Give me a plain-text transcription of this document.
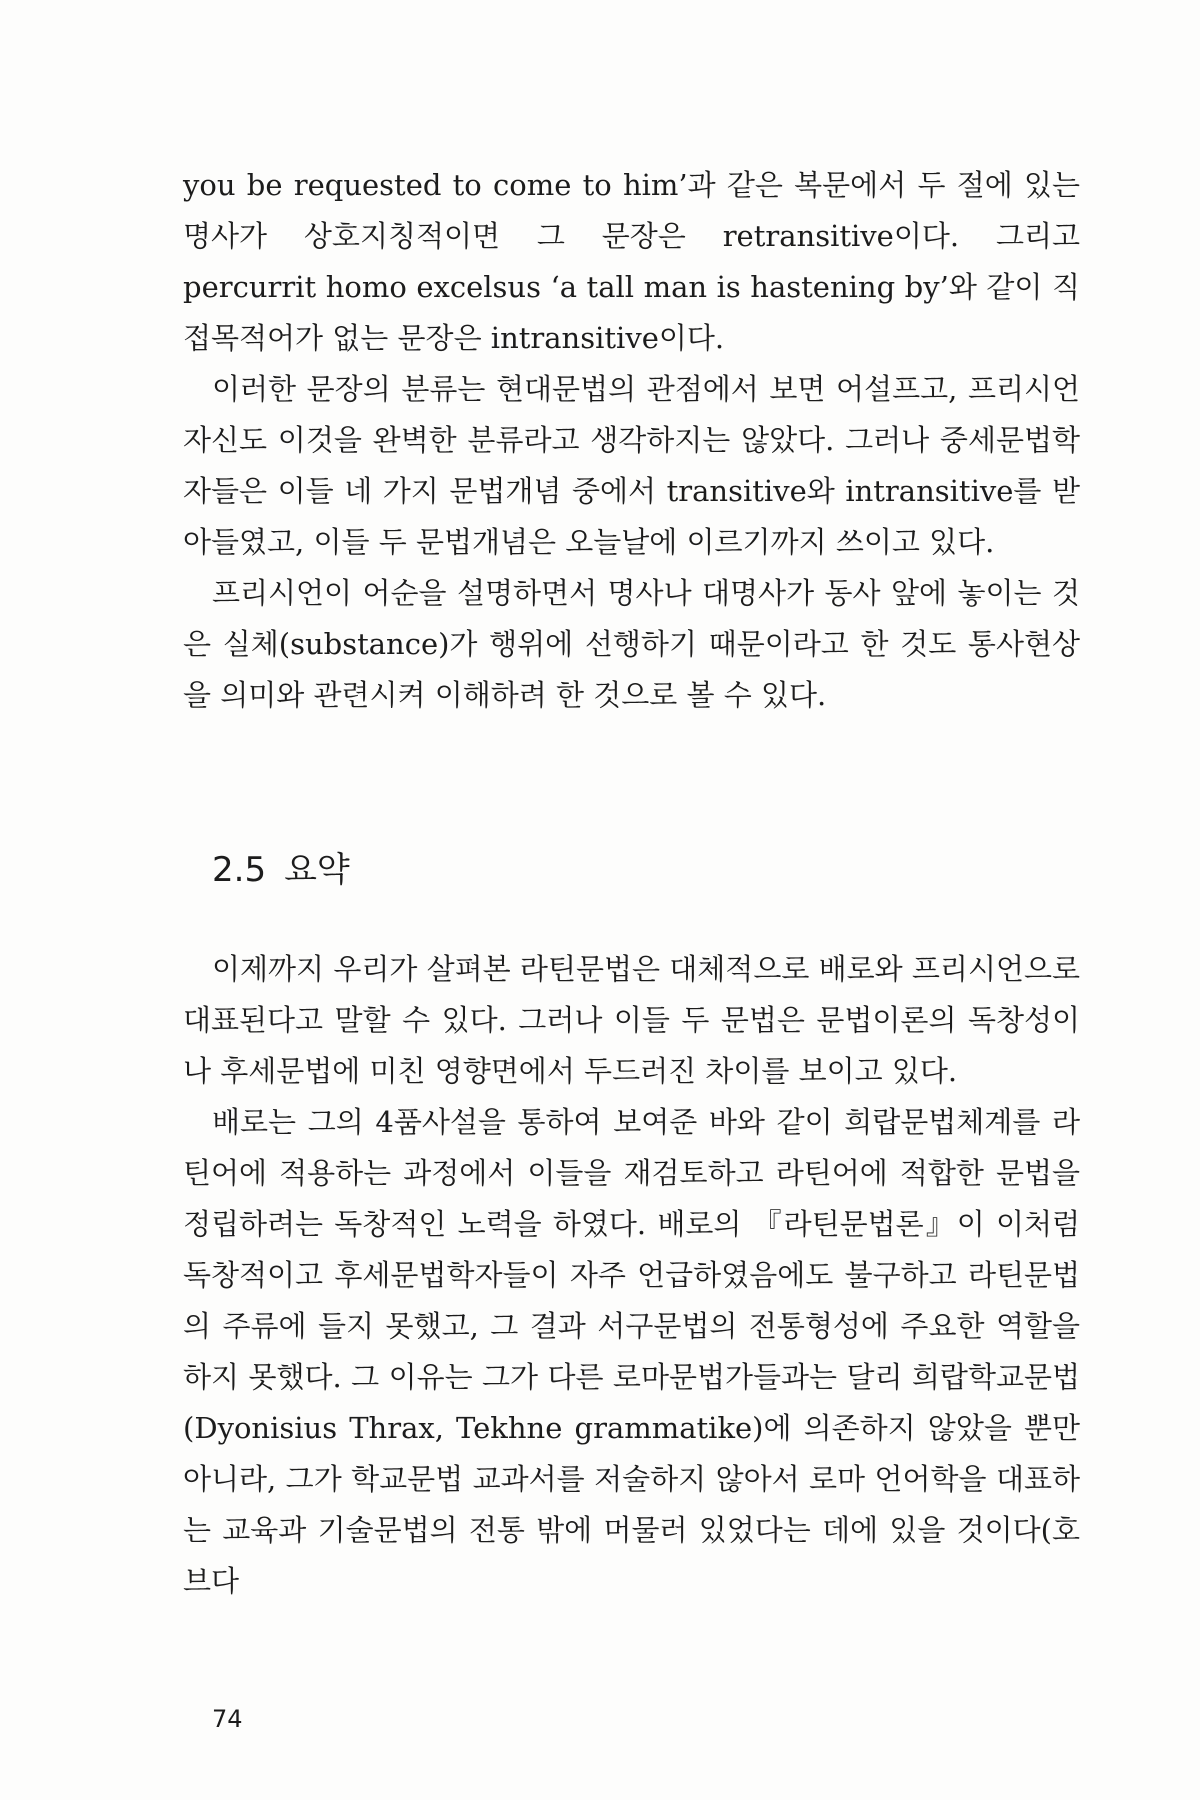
you be requested to come to him’과 같은 복문에서 두 절에 있는 명사가 상호지칭적이면 그 문장은 retransitive이다. 그리고 percurrit homo excelsus ‘a tall man is hastening by’와 같이 직접목적어가 없는 문장은 intransitive이다.

이러한 문장의 분류는 현대문법의 관점에서 보면 어설프고, 프리시언 자신도 이것을 완벽한 분류라고 생각하지는 않았다. 그러나 중세문법학자들은 이들 네 가지 문법개념 중에서 transitive와 intransitive를 받아들였고, 이들 두 문법개념은 오늘날에 이르기까지 쓰이고 있다.

프리시언이 어순을 설명하면서 명사나 대명사가 동사 앞에 놓이는 것은 실체(substance)가 행위에 선행하기 때문이라고 한 것도 통사현상을 의미와 관련시켜 이해하려 한 것으로 볼 수 있다.

2.5 요약

이제까지 우리가 살펴본 라틴문법은 대체적으로 배로와 프리시언으로 대표된다고 말할 수 있다. 그러나 이들 두 문법은 문법이론의 독창성이나 후세문법에 미친 영향면에서 두드러진 차이를 보이고 있다.

배로는 그의 4품사설을 통하여 보여준 바와 같이 희랍문법체계를 라틴어에 적용하는 과정에서 이들을 재검토하고 라틴어에 적합한 문법을 정립하려는 독창적인 노력을 하였다. 배로의 『라틴문법론』이 이처럼 독창적이고 후세문법학자들이 자주 언급하였음에도 불구하고 라틴문법의 주류에 들지 못했고, 그 결과 서구문법의 전통형성에 주요한 역할을 하지 못했다. 그 이유는 그가 다른 로마문법가들과는 달리 희랍학교문법(Dyonisius Thrax, Tekhne grammatike)에 의존하지 않았을 뿐만 아니라, 그가 학교문법 교과서를 저술하지 않아서 로마 언어학을 대표하는 교육과 기술문법의 전통 밖에 머물러 있었다는 데에 있을 것이다(호브다

74
